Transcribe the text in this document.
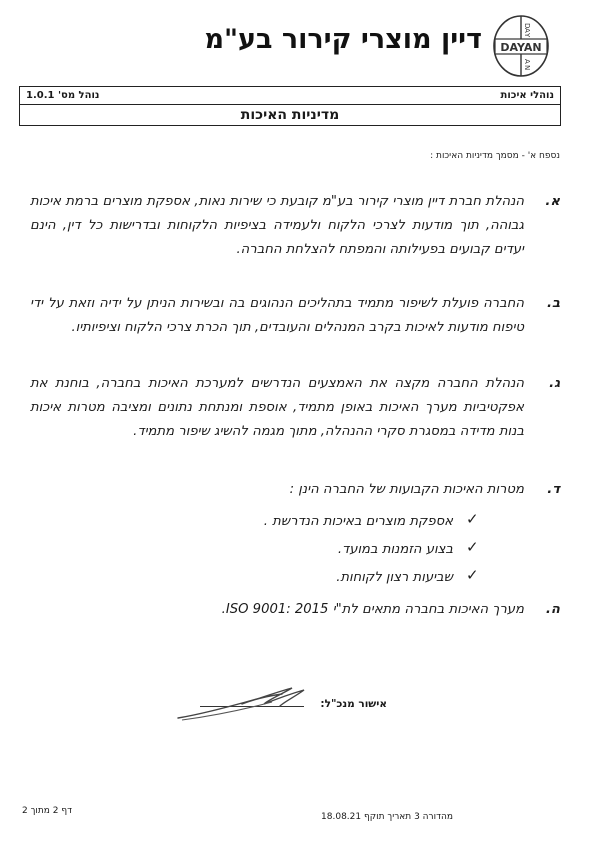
דיין מוצרי קירור בע"מ DAYAN
D
A
Y
A
N
נוהלי איכות
נוהל מס' 1.0.1
מדיניות האיכות
נספח א' - מסמך מדיניות האיכות :
א.
הנהלת חברת דיין מוצרי קירור בע"מ קובעת כי שירות נאות, אספקת מוצרים ברמת איכות גבוהה, תוך מודעות לצרכי הלקוח ולעמידה בציפיות הלקוחות ובדרישות כל דין, הינם יעדים קבועים בפעילותה והמפתח להצלחת החברה.
ב.
החברה פועלת לשיפור מתמיד בתהליכים הנהוגים בה ובשירות הניתן על ידיה וזאת על ידי טיפוח מודעות לאיכות בקרב המנהלים והעובדים, תוך הכרת צרכי הלקוח וציפיותיו.
ג.
הנהלת החברה מקצה את האמצעים הנדרשים למערכת האיכות בחברה, בוחנת את אפקטיביות מערך האיכות באופן מתמיד, אוספת ומנתחת נתונים ומציבה מטרות איכות בנות מדידה במסגרת סקרי ההנהלה, מתוך מגמה להשיג שיפור מתמיד.
ד.
מטרות האיכות הקבועות של החברה הינן :
✓
אספקת מוצרים באיכות הנדרשת .
✓
בצוע הזמנות במועד.
✓
שביעות רצון לקוחות.
ה.
מערך האיכות בחברה מתאים לת"י ISO 9001: 2015.
אישור מנכ"ל:
דף 2 מתוך 2
מהדורה 3 תאריך תוקף 18.08.21
